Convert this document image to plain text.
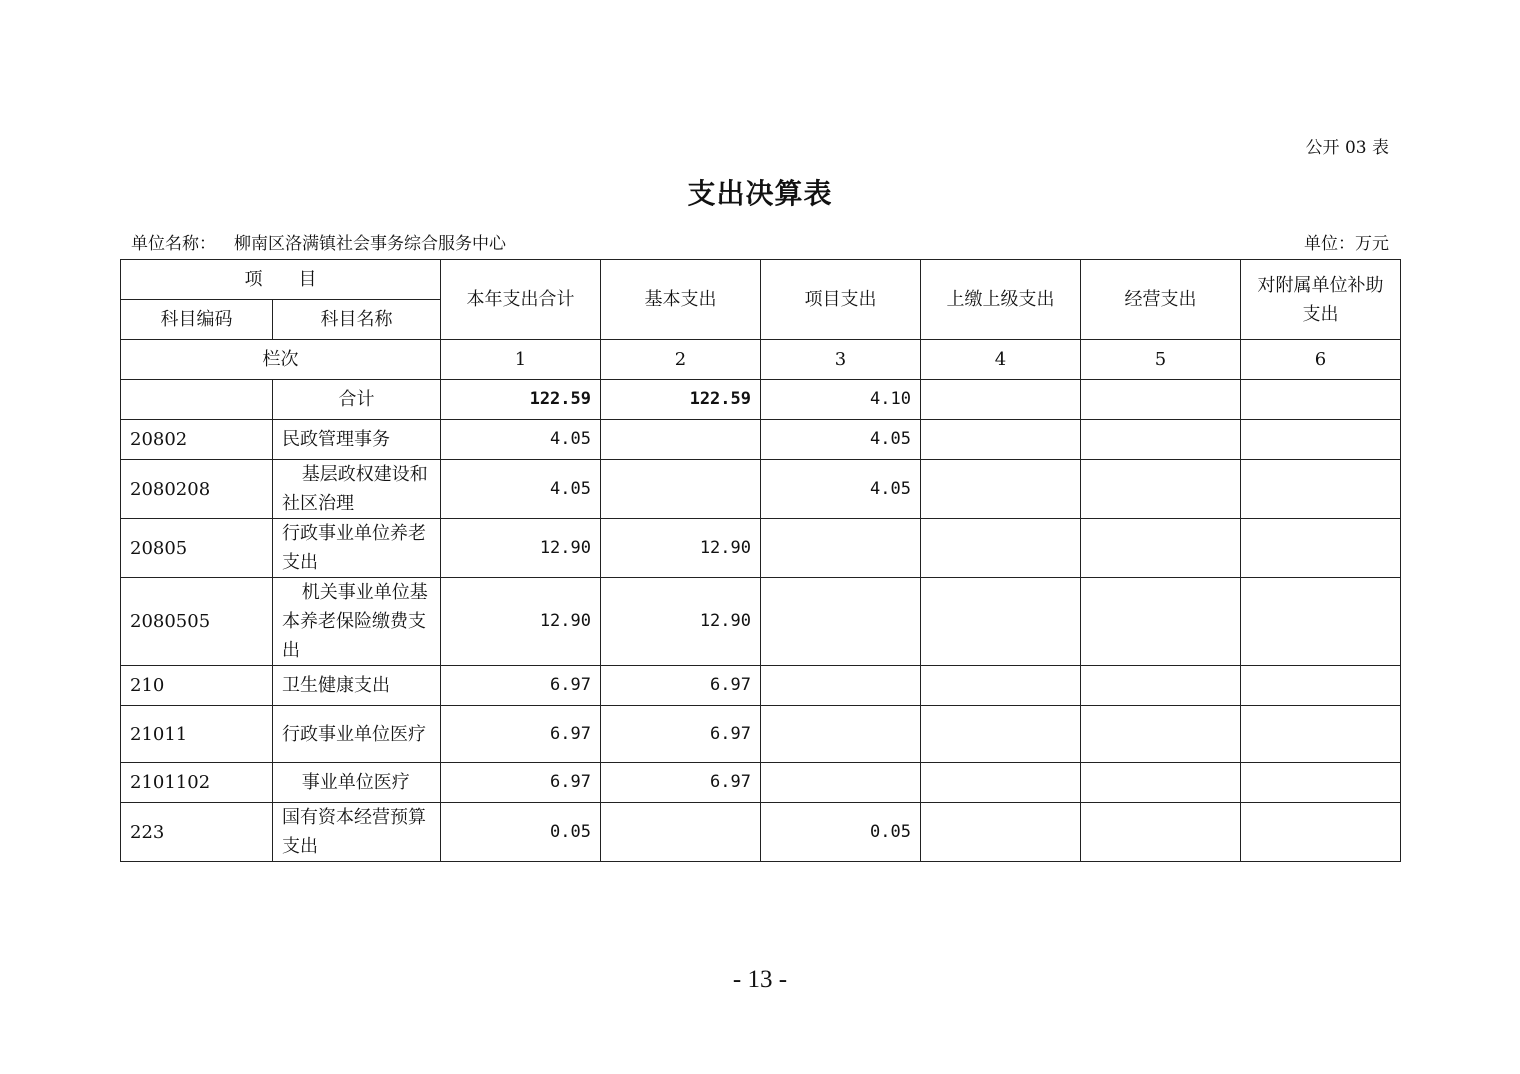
公开 03 表
支出决算表
单位名称： 柳南区洛满镇社会事务综合服务中心	单位：万元
项　　目		本年支出合计	基本支出	项目支出	上缴上级支出	经营支出	对附属单位补助
支出
科目编码	科目名称						
栏次		1	2	3	4	5	6
	合计	122.59	122.59	4.10			
20802	民政管理事务	4.05		4.05			
2080208	基层政权建设和社区治理	4.05		4.05			
20805	行政事业单位养老支出	12.90	12.90				
2080505	机关事业单位基本养老保险缴费支出	12.90	12.90				
210	卫生健康支出	6.97	6.97				
21011	行政事业单位医疗	6.97	6.97				
2101102	事业单位医疗	6.97	6.97				
223	国有资本经营预算支出	0.05		0.05			
- 13 -
